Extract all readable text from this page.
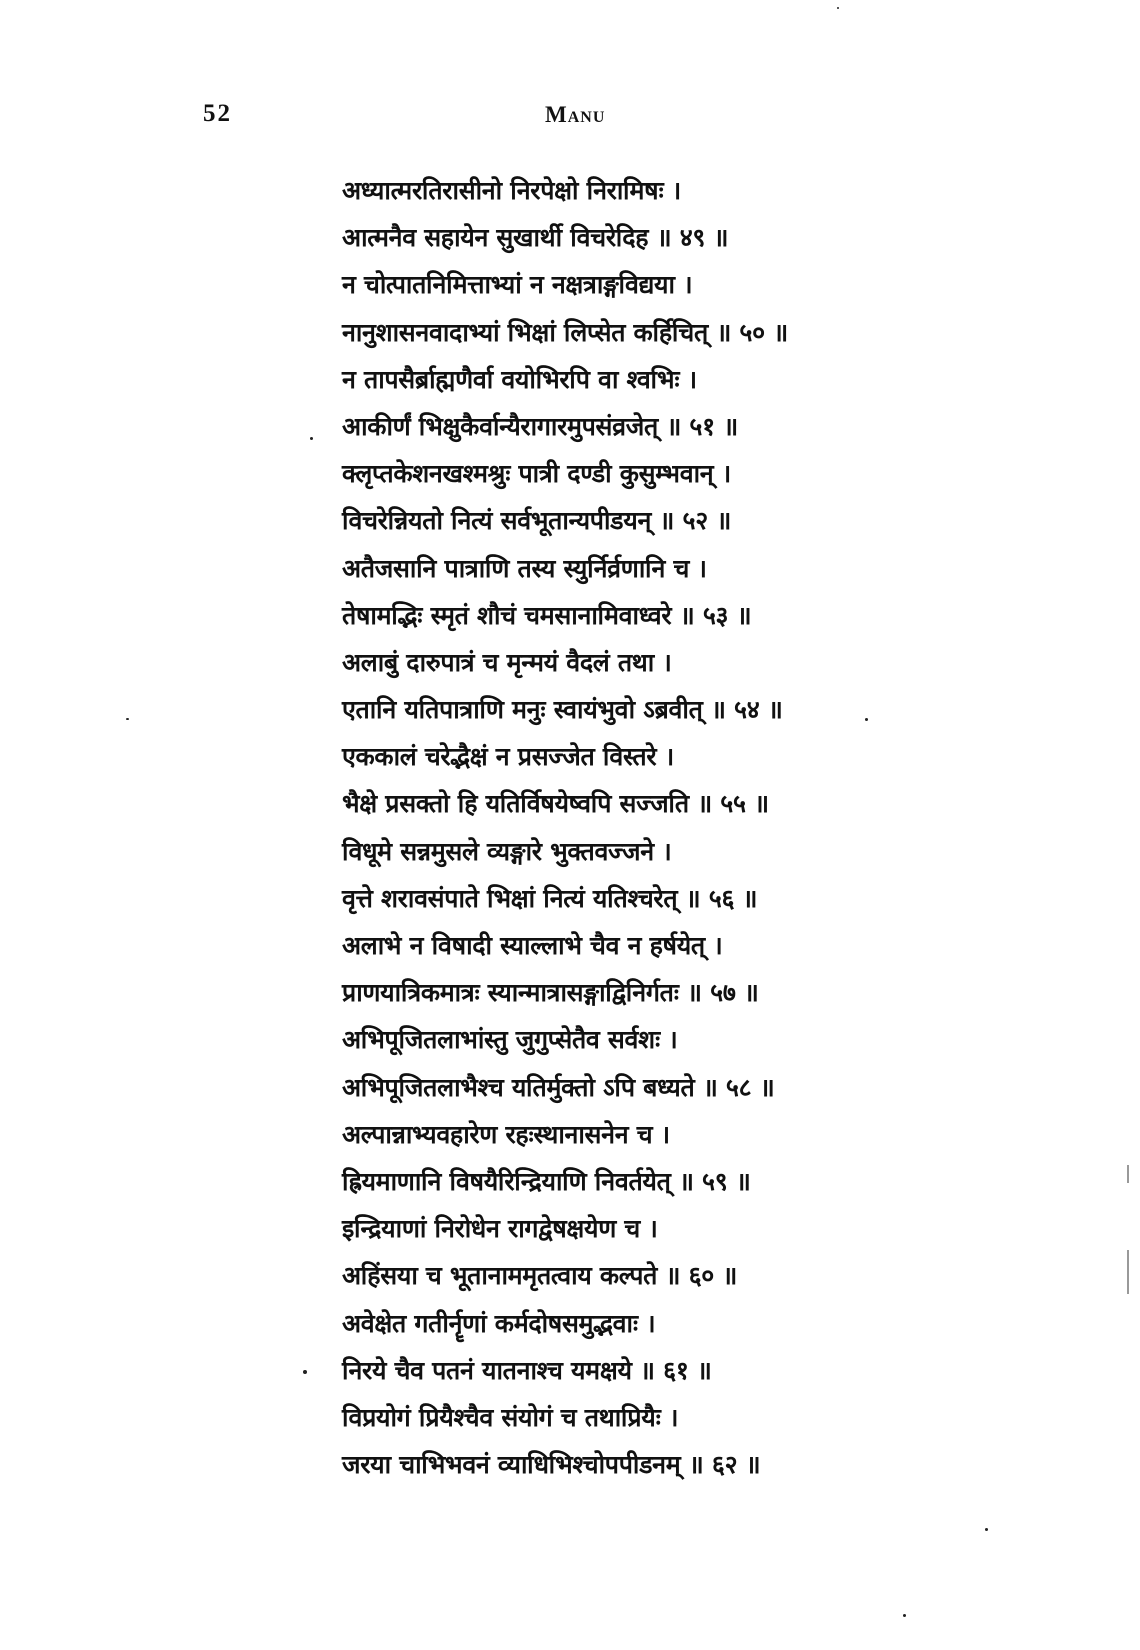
52	Manu
अध्यात्मरतिरासीनो निरपेक्षो निरामिषः ।
आत्मनैव सहायेन सुखार्थी विचरेदिह ॥ ४९ ॥
न चोत्पातनिमित्ताभ्यां न नक्षत्राङ्गविद्यया ।
नानुशासनवादाभ्यां भिक्षां लिप्सेत कर्हिचित् ॥ ५० ॥
न तापसैर्ब्राह्मणैर्वा वयोभिरपि वा श्वभिः ।
आकीर्णं भिक्षुकैर्वान्यैरागारमुपसंव्रजेत् ॥ ५१ ॥
क्लृप्तकेशनखश्मश्रुः पात्री दण्डी कुसुम्भवान् ।
विचरेन्नियतो नित्यं सर्वभूतान्यपीडयन् ॥ ५२ ॥
अतैजसानि पात्राणि तस्य स्युर्निर्व्रणानि च ।
तेषामद्भिः स्मृतं शौचं चमसानामिवाध्वरे ॥ ५३ ॥
अलाबुं दारुपात्रं च मृन्मयं वैदलं तथा ।
एतानि यतिपात्राणि मनुः स्वायंभुवो ऽब्रवीत् ॥ ५४ ॥
एककालं चरेद्भैक्षं न प्रसज्जेत विस्तरे ।
भैक्षे प्रसक्तो हि यतिर्विषयेष्वपि सज्जति ॥ ५५ ॥
विधूमे सन्नमुसले व्यङ्गारे भुक्तवज्जने ।
वृत्ते शरावसंपाते भिक्षां नित्यं यतिश्चरेत् ॥ ५६ ॥
अलाभे न विषादी स्याल्लाभे चैव न हर्षयेत् ।
प्राणयात्रिकमात्रः स्यान्मात्रासङ्गाद्विनिर्गतः ॥ ५७ ॥
अभिपूजितलाभांस्तु जुगुप्सेतैव सर्वशः ।
अभिपूजितलाभैश्च यतिर्मुक्तो ऽपि बध्यते ॥ ५८ ॥
अल्पान्नाभ्यवहारेण रहःस्थानासनेन च ।
ह्रियमाणानि विषयैरिन्द्रियाणि निवर्तयेत् ॥ ५९ ॥
इन्द्रियाणां निरोधेन रागद्वेषक्षयेण च ।
अहिंसया च भूतानाममृतत्वाय कल्पते ॥ ६० ॥
अवेक्षेत गतीर्नॄणां कर्मदोषसमुद्भवाः ।
निरये चैव पतनं यातनाश्च यमक्षये ॥ ६१ ॥
विप्रयोगं प्रियैश्चैव संयोगं च तथाप्रियैः ।
जरया चाभिभवनं व्याधिभिश्चोपपीडनम् ॥ ६२ ॥
